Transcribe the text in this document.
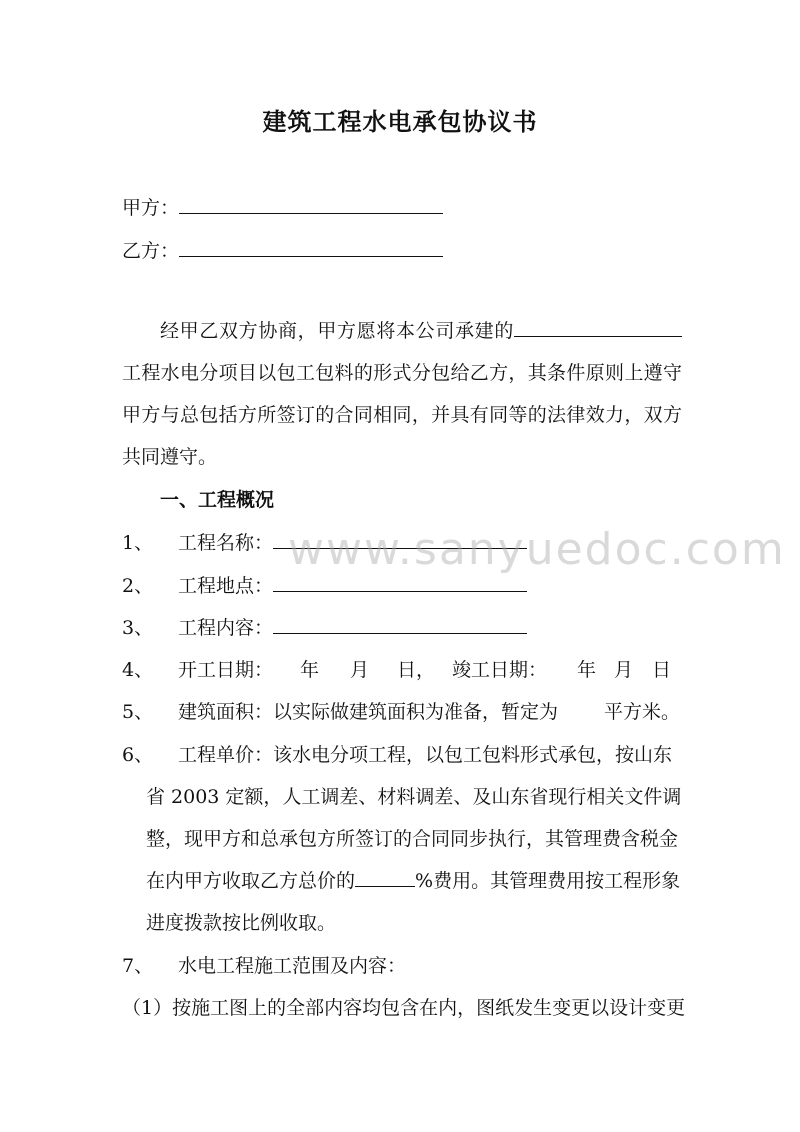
建筑工程水电承包协议书
甲方：
乙方：
经甲乙双方协商，甲方愿将本公司承建的工程水电分项目以包工包料的形式分包给乙方，其条件原则上遵守甲方与总包括方所签订的合同相同，并具有同等的法律效力，双方共同遵守。
一、工程概况
1、 工程名称：
2、 工程地点：
3、 工程内容：
4、 开工日期： 年 月 日， 竣工日期： 年 月 日
5、 建筑面积：以实际做建筑面积为准备，暂定为 平方米。
6、 工程单价：该水电分项工程，以包工包料形式承包，按山东
省 2003 定额，人工调差、材料调差、及山东省现行相关文件调
整，现甲方和总承包方所签订的合同同步执行，其管理费含税金
在内甲方收取乙方总价的	%费用。其管理费用按工程形象
进度拨款按比例收取。
7、 水电工程施工范围及内容：
（1）按施工图上的全部内容均包含在内，图纸发生变更以设计变更
www.sanyuedoc.com
